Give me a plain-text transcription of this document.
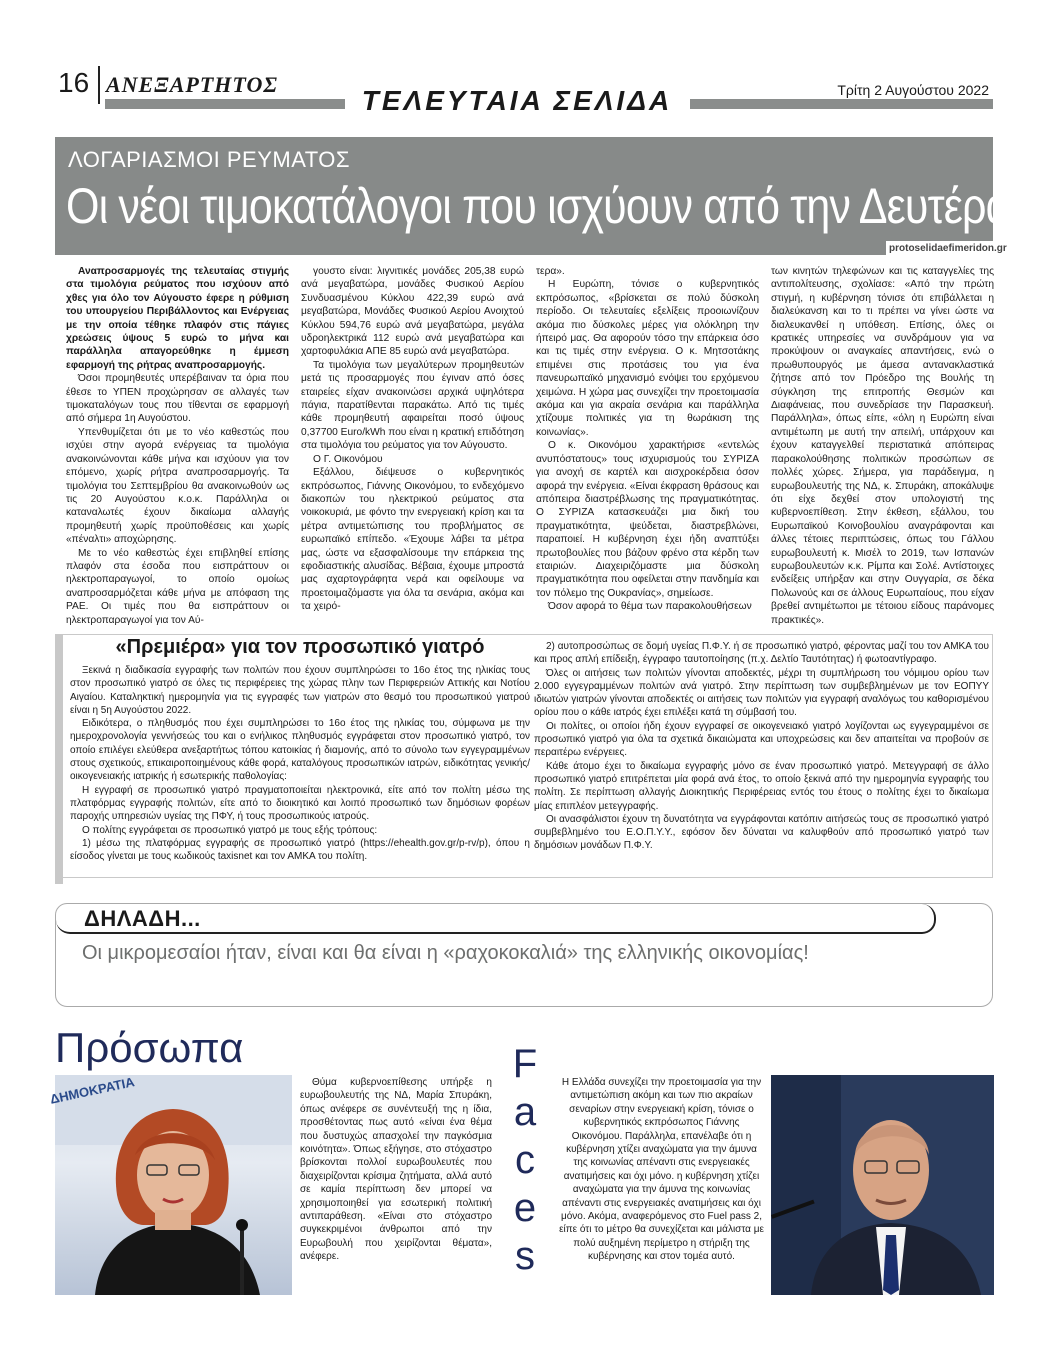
16 ΑΝΕΞΑΡΤΗΤΟΣ
ΤΕΛΕΥΤΑΙΑ ΣΕΛΙΔΑ	Τρίτη 2 Αυγούστου 2022
ΛΟΓΑΡΙΑΣΜΟΙ ΡΕΥΜΑΤΟΣ
Οι νέοι τιμοκατάλογοι που ισχύουν από την Δευτέρα
protoselidaefimeridon.gr

Αναπροσαρμογές της τελευταίας στιγμής στα τιμολόγια ρεύματος που ισχύουν από χθες για όλο τον Αύγουστο έφερε η ρύθμιση του υπουργείου Περιβάλλοντος και Ενέργειας με την οποία τέθηκε πλαφόν στις πάγιες χρεώσεις ύψους 5 ευρώ το μήνα και παράλληλα απαγορεύθηκε η έμμεση εφαρμογή της ρήτρας αναπροσαρμογής.

Όσοι προμηθευτές υπερέβαιναν τα όρια που έθεσε το ΥΠΕΝ προχώρησαν σε αλλαγές των τιμοκαταλόγων τους που τίθενται σε εφαρμογή από σήμερα 1η Αυγούστου.

Υπενθυμίζεται ότι με το νέο καθεστώς που ισχύει στην αγορά ενέργειας τα τιμολόγια ανακοινώνονται κάθε μήνα και ισχύουν για τον επόμενο, χωρίς ρήτρα αναπροσαρμογής. Τα τιμολόγια του Σεπτεμβρίου θα ανακοινωθούν ως τις 20 Αυγούστου κ.ο.κ. Παράλληλα οι καταναλωτές έχουν δικαίωμα αλλαγής προμηθευτή χωρίς προϋποθέσεις και χωρίς «πέναλτι» αποχώρησης.

Με το νέο καθεστώς έχει επιβληθεί επίσης πλαφόν στα έσοδα που εισπράττουν οι ηλεκτροπαραγωγοί, το οποίο ομοίως αναπροσαρμόζεται κάθε μήνα με απόφαση της ΡΑΕ. Οι τιμές που θα εισπράττουν οι ηλεκτροπαραγωγοί για τον Αύ-

γουστο είναι: λιγνιτικές μονάδες 205,38 ευρώ ανά μεγαβατώρα, μονάδες Φυσικού Αερίου Συνδυασμένου Κύκλου 422,39 ευρώ ανά μεγαβατώρα, Μονάδες Φυσικού Αερίου Ανοιχτού Κύκλου 594,76 ευρώ ανά μεγαβατώρα, μεγάλα υδροηλεκτρικά 112 ευρώ ανά μεγαβατώρα και χαρτοφυλάκια ΑΠΕ 85 ευρώ ανά μεγαβατώρα.

Τα τιμολόγια των μεγαλύτερων προμηθευτών μετά τις προσαρμογές που έγιναν από όσες εταιρείες είχαν ανακοινώσει αρχικά υψηλότερα πάγια, παρατίθενται παρακάτω. Από τις τιμές κάθε προμηθευτή αφαιρείται ποσό ύψους 0,37700 Euro/kWh που είναι η κρατική επιδότηση στα τιμολόγια του ρεύματος για τον Αύγουστο.

Ο Γ. Οικονόμου

Εξάλλου, διέψευσε ο κυβερνητικός εκπρόσωπος, Γιάννης Οικονόμου, το ενδεχόμενο διακοπών του ηλεκτρικού ρεύματος στα νοικοκυριά, με φόντο την ενεργειακή κρίση και τα μέτρα αντιμετώπισης του προβλήματος σε ευρωπαϊκό επίπεδο. «Έχουμε λάβει τα μέτρα μας, ώστε να εξασφαλίσουμε την επάρκεια της εφοδιαστικής αλυσίδας. Βέβαια, έχουμε μπροστά μας αχαρτογράφητα νερά και οφείλουμε να προετοιμαζόμαστε για όλα τα σενάρια, ακόμα και τα χειρό-

τερα».

Η Ευρώπη, τόνισε ο κυβερνητικός εκπρόσωπος, «βρίσκεται σε πολύ δύσκολη περίοδο. Οι τελευταίες εξελίξεις προοιωνίζουν ακόμα πιο δύσκολες μέρες για ολόκληρη την ήπειρό μας. Θα αφορούν τόσο την επάρκεια όσο και τις τιμές στην ενέργεια. Ο κ. Μητσοτάκης επιμένει στις προτάσεις του για ένα πανευρωπαϊκό μηχανισμό ενόψει του ερχόμενου χειμώνα. Η χώρα μας συνεχίζει την προετοιμασία ακόμα και για ακραία σενάρια και παράλληλα χτίζουμε πολιτικές για τη θωράκιση της κοινωνίας».

Ο κ. Οικονόμου χαρακτήρισε «εντελώς ανυπόστατους» τους ισχυρισμούς του ΣΥΡΙΖΑ για ανοχή σε καρτέλ και αισχροκέρδεια όσον αφορά την ενέργεια. «Είναι έκφραση θράσους και απόπειρα διαστρέβλωσης της πραγματικότητας. Ο ΣΥΡΙΖΑ κατασκευάζει μια δική του πραγματικότητα, ψεύδεται, διαστρεβλώνει, παραποιεί. Η κυβέρνηση έχει ήδη αναπτύξει πρωτοβουλίες που βάζουν φρένο στα κέρδη των εταιριών. Διαχειριζόμαστε μια δύσκολη πραγματικότητα που οφείλεται στην πανδημία και τον πόλεμο της Ουκρανίας», σημείωσε.

Όσον αφορά το θέμα των παρακολουθήσεων

των κινητών τηλεφώνων και τις καταγγελίες της αντιπολίτευσης, σχολίασε: «Από την πρώτη στιγμή, η κυβέρνηση τόνισε ότι επιβάλλεται η διαλεύκανση και το τι πρέπει να γίνει ώστε να διαλευκανθεί η υπόθεση. Επίσης, όλες οι κρατικές υπηρεσίες να συνδράμουν για να προκύψουν οι αναγκαίες απαντήσεις, ενώ ο πρωθυπουργός με άμεσα αντανακλαστικά ζήτησε από τον Πρόεδρο της Βουλής τη σύγκληση της επιτροπής Θεσμών και Διαφάνειας, που συνεδρίασε την Παρασκευή. Παράλληλα», όπως είπε, «όλη η Ευρώπη είναι αντιμέτωπη με αυτή την απειλή, υπάρχουν και έχουν καταγγελθεί περιστατικά απόπειρας παρακολούθησης πολιτικών προσώπων σε πολλές χώρες. Σήμερα, για παράδειγμα, η ευρωβουλευτής της ΝΔ, κ. Σπυράκη, αποκάλυψε ότι είχε δεχθεί στον υπολογιστή της κυβερνοεπίθεση. Στην έκθεση, εξάλλου, του Ευρωπαϊκού Κοινοβουλίου αναγράφονται και άλλες τέτοιες περιπτώσεις, όπως του Γάλλου ευρωβουλευτή κ. Μισέλ το 2019, των Ισπανών ευρωβουλευτών κ.κ. Ρίμπα και Σολέ. Αντίστοιχες ενδείξεις υπήρξαν και στην Ουγγαρία, σε δέκα Πολωνούς και σε άλλους Ευρωπαίους, που είχαν βρεθεί αντιμέτωποι με τέτοιου είδους παράνομες πρακτικές».

«Πρεμιέρα» για τον προσωπικό γιατρό

Ξεκινά η διαδικασία εγγραφής των πολιτών που έχουν συμπληρώσει το 16ο έτος της ηλικίας τους στον προσωπικό γιατρό σε όλες τις περιφέρειες της χώρας πλην των Περιφερειών Αττικής και Νοτίου Αιγαίου. Καταληκτική ημερομηνία για τις εγγραφές των γιατρών στο θεσμό του προσωπικού γιατρού είναι η 5η Αυγούστου 2022.

Ειδικότερα, ο πληθυσμός που έχει συμπληρώσει το 16ο έτος της ηλικίας του, σύμφωνα με την ημεροχρονολογία γεννήσεώς του και ο ενήλικος πληθυσμός εγγράφεται στον προσωπικό γιατρό, τον οποίο επιλέγει ελεύθερα ανεξαρτήτως τόπου κατοικίας ή διαμονής, από το σύνολο των εγγεγραμμένων στους σχετικούς, επικαιροποιημένους κάθε φορά, καταλόγους προσωπικών ιατρών, ειδικότητας γενικής/οικογενειακής ιατρικής ή εσωτερικής παθολογίας:

Η εγγραφή σε προσωπικό γιατρό πραγματοποιείται ηλεκτρονικά, είτε από τον πολίτη μέσω της πλατφόρμας εγγραφής πολιτών, είτε από το διοικητικό και λοιπό προσωπικό των δημόσιων φορέων παροχής υπηρεσιών υγείας της ΠΦΥ, ή τους προσωπικούς ιατρούς.

Ο πολίτης εγγράφεται σε προσωπικό γιατρό με τους εξής τρόπους:

1) μέσω της πλατφόρμας εγγραφής σε προσωπικό γιατρό (https://ehealth.gov.gr/p-rv/p), όπου η είσοδος γίνεται με τους κωδικούς taxisnet και τον ΑΜΚΑ του πολίτη.

2) αυτοπροσώπως σε δομή υγείας Π.Φ.Υ. ή σε προσωπικό γιατρό, φέροντας μαζί του τον ΑΜΚΑ του και προς απλή επίδειξη, έγγραφο ταυτοποίησης (π.χ. Δελτίο Ταυτότητας) ή φωτοαντίγραφο.

Όλες οι αιτήσεις των πολιτών γίνονται αποδεκτές, μέχρι τη συμπλήρωση του νόμιμου ορίου των 2.000 εγγεγραμμένων πολιτών ανά γιατρό. Στην περίπτωση των συμβεβλημένων με τον ΕΟΠΥΥ ιδιωτών γιατρών γίνονται αποδεκτές οι αιτήσεις των πολιτών για εγγραφή αναλόγως του καθορισμένου ορίου που ο κάθε ιατρός έχει επιλέξει κατά τη σύμβασή του.

Οι πολίτες, οι οποίοι ήδη έχουν εγγραφεί σε οικογενειακό γιατρό λογίζονται ως εγγεγραμμένοι σε προσωπικό γιατρό για όλα τα σχετικά δικαιώματα και υποχρεώσεις και δεν απαιτείται να προβούν σε περαιτέρω ενέργειες.

Κάθε άτομο έχει το δικαίωμα εγγραφής μόνο σε έναν προσωπικό γιατρό. Μετεγγραφή σε άλλο προσωπικό γιατρό επιτρέπεται μία φορά ανά έτος, το οποίο ξεκινά από την ημερομηνία εγγραφής του πολίτη. Σε περίπτωση αλλαγής Διοικητικής Περιφέρειας εντός του έτους ο πολίτης έχει το δικαίωμα μίας επιπλέον μετεγγραφής.

Οι ανασφάλιστοι έχουν τη δυνατότητα να εγγράφονται κατόπιν αιτήσεώς τους σε προσωπικό γιατρό συμβεβλημένο του Ε.Ο.Π.Υ.Υ., εφόσον δεν δύναται να καλυφθούν από προσωπικό γιατρό των δημόσιων μονάδων Π.Φ.Υ.

ΔΗΛΑΔΗ...
Οι μικρομεσαίοι ήταν, είναι και θα είναι η «ραχοκοκαλιά» της ελληνικής οικονομίας!
Πρόσωπα
ΔΗΜΟΚΡΑΤΙΑ	Θύμα κυβερνοεπίθεσης υπήρξε η ευρωβουλευτής της ΝΔ, Μαρία Σπυράκη, όπως ανέφερε σε συνέντευξή της η ίδια, προσθέτοντας πως αυτό «είναι ένα θέμα που δυστυχώς απασχολεί την παγκόσμια κοινότητα». Όπως εξήγησε, στο στόχαστρο βρίσκονται πολλοί ευρωβουλευτές που διαχειρίζονται κρίσιμα ζητήματα, αλλά αυτό σε καμία περίπτωση δεν μπορεί να χρησιμοποιηθεί για εσωτερική πολιτική αντιπαράθεση. «Είναι στο στόχαστρο συγκεκριμένοι άνθρωποι από την Ευρωβουλή που χειρίζονται θέματα», ανέφερε.

F
a
c
e
s

Η Ελλάδα συνεχίζει την προετοιμασία για την αντιμετώπιση ακόμη και των πιο ακραίων σεναρίων στην ενεργειακή κρίση, τόνισε ο κυβερνητικός εκπρόσωπος Γιάννης Οικονόμου. Παράλληλα, επανέλαβε ότι η κυβέρνηση χτίζει αναχώματα για την άμυνα της κοινωνίας απέναντι στις ενεργειακές ανατιμήσεις και όχι μόνο. η κυβέρνηση χτίζει αναχώματα για την άμυνα της κοινωνίας απέναντι στις ενεργειακές ανατιμήσεις και όχι μόνο. Ακόμα, αναφερόμενος στο Fuel pass 2, είπε ότι το μέτρο θα συνεχίζεται και μάλιστα με πολύ αυξημένη περίμετρο η στήριξη της κυβέρνησης και στον τομέα αυτό.
